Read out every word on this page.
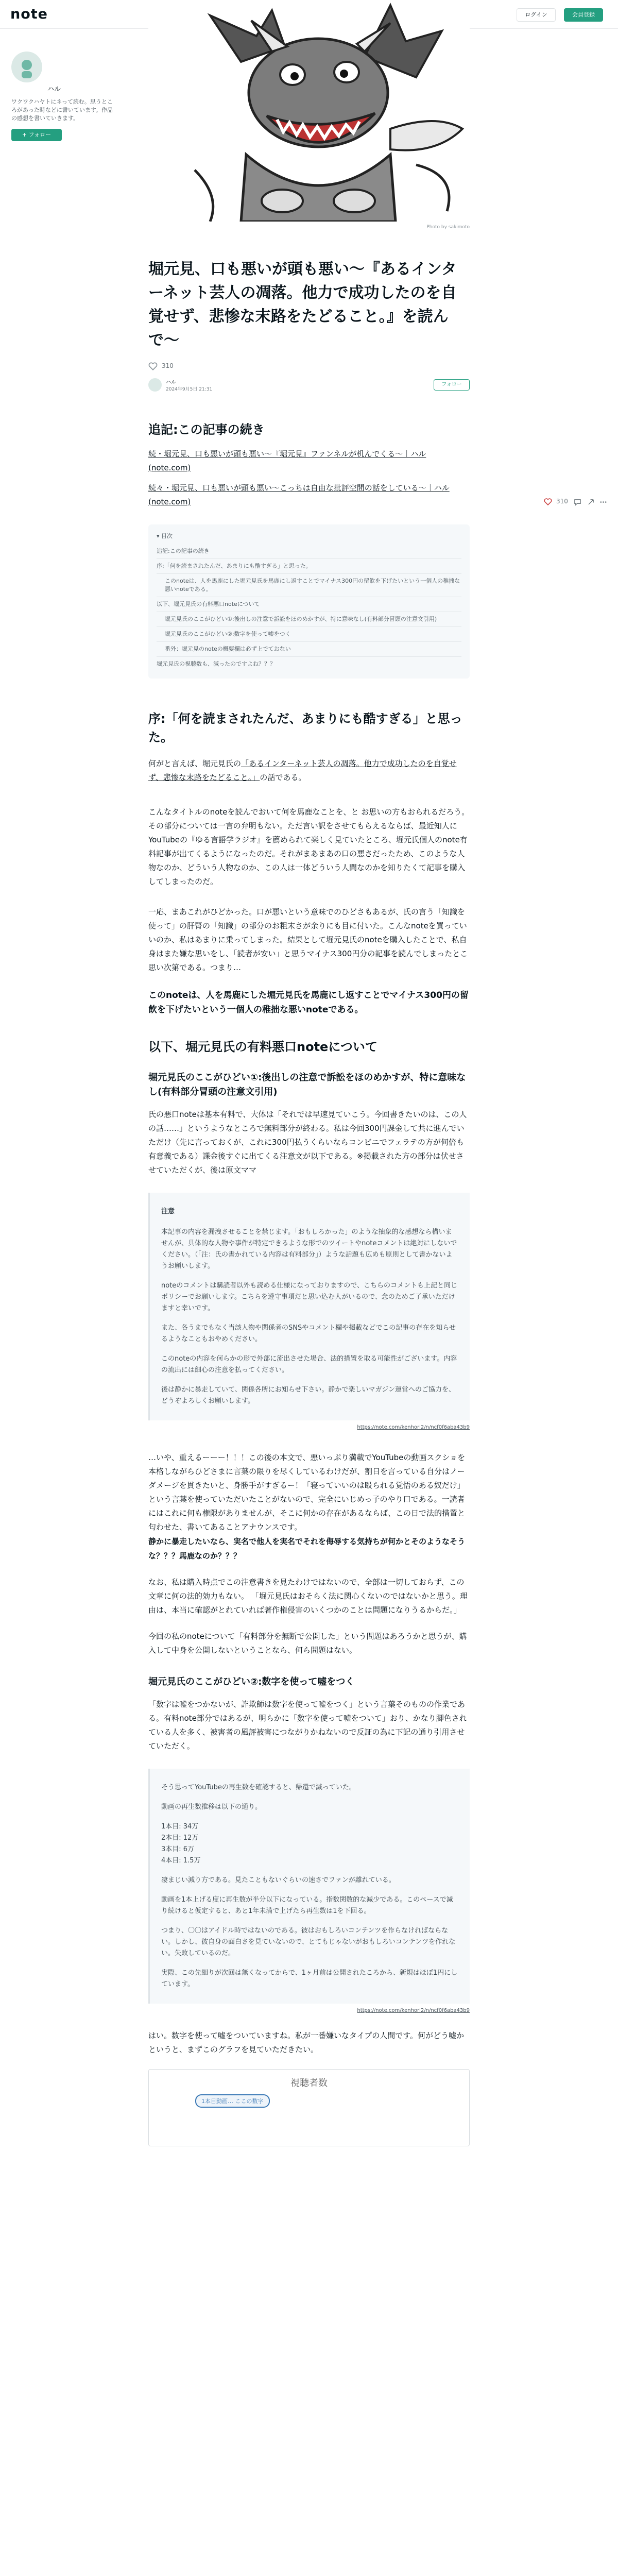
note
キーワードやクリエイターで検索	ログイン	会員登録
ハル
ワクワクハヤトにネって読む。思うところがあった時などに書いています。作品の感想を書いていきます。
+ フォロー
Photo by sakimoto
310
堀元見、口も悪いが頭も悪い〜『あるインターネット芸人の凋落。他力で成功したのを自覚せず、悲惨な末路をたどること。』を読んで〜
310
ハル
2024年9月5日 21:31
フォロー
追記:この記事の続き

続・堀元見、口も悪いが頭も悪い〜『堀元見』ファンネルが机んでくる〜｜ハル (note.com)

続々・堀元見、口も悪いが頭も悪い〜こっちは自由な批評空間の話をしている〜｜ハル (note.com)

▾ 目次
追記:この記事の続き
序:「何を読まされたんだ、あまりにも酷すぎる」と思った。
このnoteは、人を馬鹿にした堀元見氏を馬鹿にし返すことでマイナス300円の留飲を下げたいという一個人の稚拙な悪いnoteである。
以下、堀元見氏の有料悪口noteについて
堀元見氏のここがひどい①:後出しの注意で訴訟をほのめかすが、特に意味なし(有料部分冒頭の注意文引用)
堀元見氏のここがひどい②:数字を使って嘘をつく
番外：堀元見のnoteの概要欄は必ず上でておない
堀元見氏の視聴数も、減ったのですよね？？？
序:「何を読まされたんだ、あまりにも酷すぎる」と思った。

何がと言えば、堀元見氏の「あるインターネット芸人の凋落。他力で成功したのを自覚せず、悲惨な末路をたどること。」の話である。

こんなタイトルのnoteを読んでおいて何を馬鹿なことを、と お思いの方もおられるだろう。その部分については一言の弁明もない。ただ言い訳をさせてもらえるならば、最近知人にYouTubeの『ゆる言語学ラジオ』を薦められて楽しく見ていたところ、堀元氏個人のnote有料記事が出てくるようになったのだ。それがまあまあの口の悪さだったため、このような人物なのか、どういう人物なのか、この人は一体どういう人間なのかを知りたくて記事を購入してしまったのだ。

一応、まあこれがひどかった。口が悪いという意味でのひどさもあるが、氏の言う「知識を使って」の肝腎の「知識」の部分のお粗末さが余りにも目に付いた。こんなnoteを買っていいのか、私はあまりに乗ってしまった。結果として堀元見氏のnoteを購入したことで、私自身はまた嫌な思いをし、「読者が安い」と思うマイナス300円分の記事を読んでしまったとこ思い次第である。つまり…

このnoteは、人を馬鹿にした堀元見氏を馬鹿にし返すことでマイナス300円の留飲を下げたいという一個人の稚拙な悪いnoteである。

以下、堀元見氏の有料悪口noteについて
堀元見氏のここがひどい①:後出しの注意で訴訟をほのめかすが、特に意味なし(有料部分冒頭の注意文引用)

氏の悪口noteは基本有料で、大体は「それでは早速見ていこう。今回書きたいのは、この人の話……」というようなところで無料部分が終わる。私は今回300円課金して共に進んでいただけ（先に言っておくが、これに300円払うくらいならコンビニでフェラテの方が何倍も有意義である）課金後すぐに出てくる注意文が以下である。※掲載された方の部分は伏せさせていただくが、後は原文ママ

注意

本記事の内容を漏洩させることを禁じます。「おもしろかった」のような抽象的な感想なら構いませんが、具体的な人物や事件が特定できるような形でのツイートやnoteコメントは絶対にしないでください。（「注：氏の書かれている内容は有料部分」）ような話題も広めも原則として書かないようお願いします。

noteのコメントは購読者以外も読める仕様になっておりますので、こちらのコメントも上記と同じポリシーでお願いします。こちらを遵守事項だと思い込む人がいるので、念のためご了承いただけますと幸いです。

また、各うまでもなく当該人物や関係者のSNSやコメント欄や掲載などでこの記事の存在を知らせるようなこともおやめください。

このnoteの内容を何らかの形で外部に流出させた場合、法的措置を取る可能性がございます。内容の流出には細心の注意を払ってください。

後は静かに暴走していて、関係各所にお知らせ下さい。静かで楽しいマガジン運営へのご協力を、どうぞよろしくお願いします。

https://note.com/kenhori2/n/ncf0f6aba43b9

…いや、重えるーーー！！！この後の本文で、悪いっぷり満載でYouTubeの動画スクショを本格しながらひどさまに言葉の限りを尽くしているわけだが、割日を言っている自分はノーダメージを貫きたいと、身勝手がすぎるー！「寝っていいのは殴られる覚悟のある奴だけ」という言葉を使っていただいたことがないので、完全にいじめっ子のやり口である。一読者にはこれに何も権限がありませんが、そこに何かの存在があるならば、この日で法的措置と匂わせた、書いてあることアナウンスです。

静かに暴走したいなら、実名で他人を実名でそれを侮辱する気持ちが何かとそのようなそうな？？？馬鹿なのか？？？

なお、私は購入時点でこの注意書きを見たわけではないので、全部は一切しておらず、この文章に何の法的効力もない。 「堀元見氏はおそらく法に関心くないのではないかと思う。理由は、本当に確認がとれていれば著作権侵害のいくつかのことは問題になりうるからだ。」

今回の私のnoteについて「有料部分を無断で公開した」という問題はあろうかと思うが、購入して中身を公開しないということなら、何ら問題はない。

堀元見氏のここがひどい②:数字を使って嘘をつく

「数字は嘘をつかないが、詐欺師は数字を使って嘘をつく」という言葉そのものの作業である。有料note部分ではあるが、明らかに「数字を使って嘘をついて」おり、かなり脚色されている人を多く、被害者の風評被害につながりかねないので反証の為に下記の通り引用させていただく。

そう思ってYouTubeの再生数を確認すると、帰還で減っていた。

動画の再生数推移は以下の通り。

1本目: 34万
2本目: 12万
3本目: 6万
4本目: 1.5万

凄まじい減り方である。見たこともないぐらいの速さでファンが離れている。

動画を1本上げる度に再生数が半分以下になっている。指数関数的な減少である。このペースで減り続けると仮定すると、あと1年未満で上げたら再生数は1を下回る。

つまり、〇〇はアイドル時ではないのである。彼はおもしろいコンテンツを作らなければならない。しかし、彼自身の面白さを見ていないので、とてもじゃないがおもしろいコンテンツを作れない。失敗しているのだ。

実際、この先細りが次回は無くなってからで、1ヶ月前は公開されたころから、新規はほぼ1円にしています。

https://note.com/kenhori2/n/ncf0f6aba43b9

はい。数字を使って嘘をついていますね。私が一番嫌いなタイプの人間です。何がどう嘘かというと、まずこのグラフを見ていただきたい。

視聴者数
1本目動画… ここの数字
